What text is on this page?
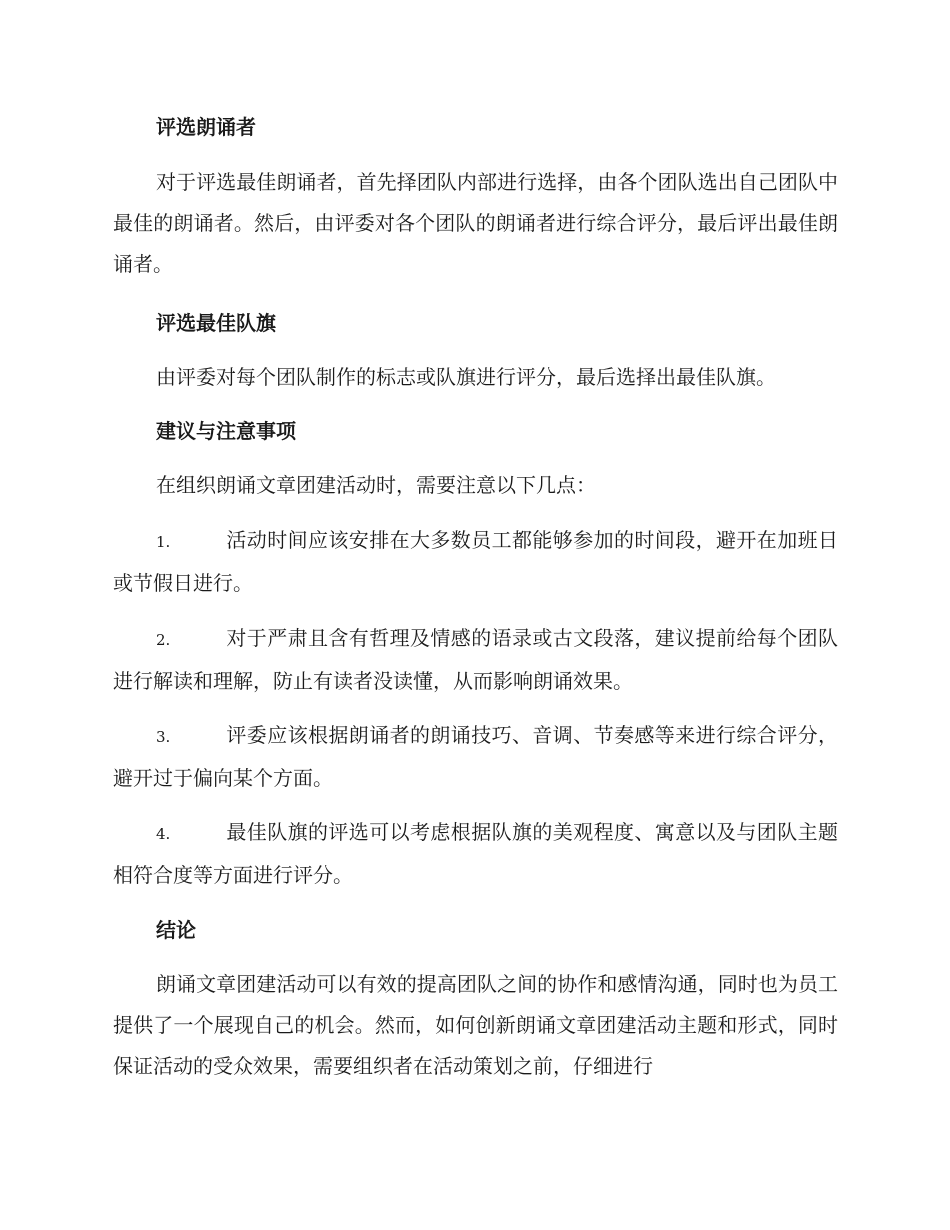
评选朗诵者
对于评选最佳朗诵者，首先择团队内部进行选择，由各个团队选出自己团队中最佳的朗诵者。然后，由评委对各个团队的朗诵者进行综合评分，最后评出最佳朗诵者。
评选最佳队旗
由评委对每个团队制作的标志或队旗进行评分，最后选择出最佳队旗。
建议与注意事项
在组织朗诵文章团建活动时，需要注意以下几点：
1.	活动时间应该安排在大多数员工都能够参加的时间段，避开在加班日或节假日进行。
2.	对于严肃且含有哲理及情感的语录或古文段落，建议提前给每个团队进行解读和理解，防止有读者没读懂，从而影响朗诵效果。
3.	评委应该根据朗诵者的朗诵技巧、音调、节奏感等来进行综合评分，避开过于偏向某个方面。
4.	最佳队旗的评选可以考虑根据队旗的美观程度、寓意以及与团队主题相符合度等方面进行评分。
结论
朗诵文章团建活动可以有效的提高团队之间的协作和感情沟通，同时也为员工提供了一个展现自己的机会。然而，如何创新朗诵文章团建活动主题和形式，同时保证活动的受众效果，需要组织者在活动策划之前，仔细进行
